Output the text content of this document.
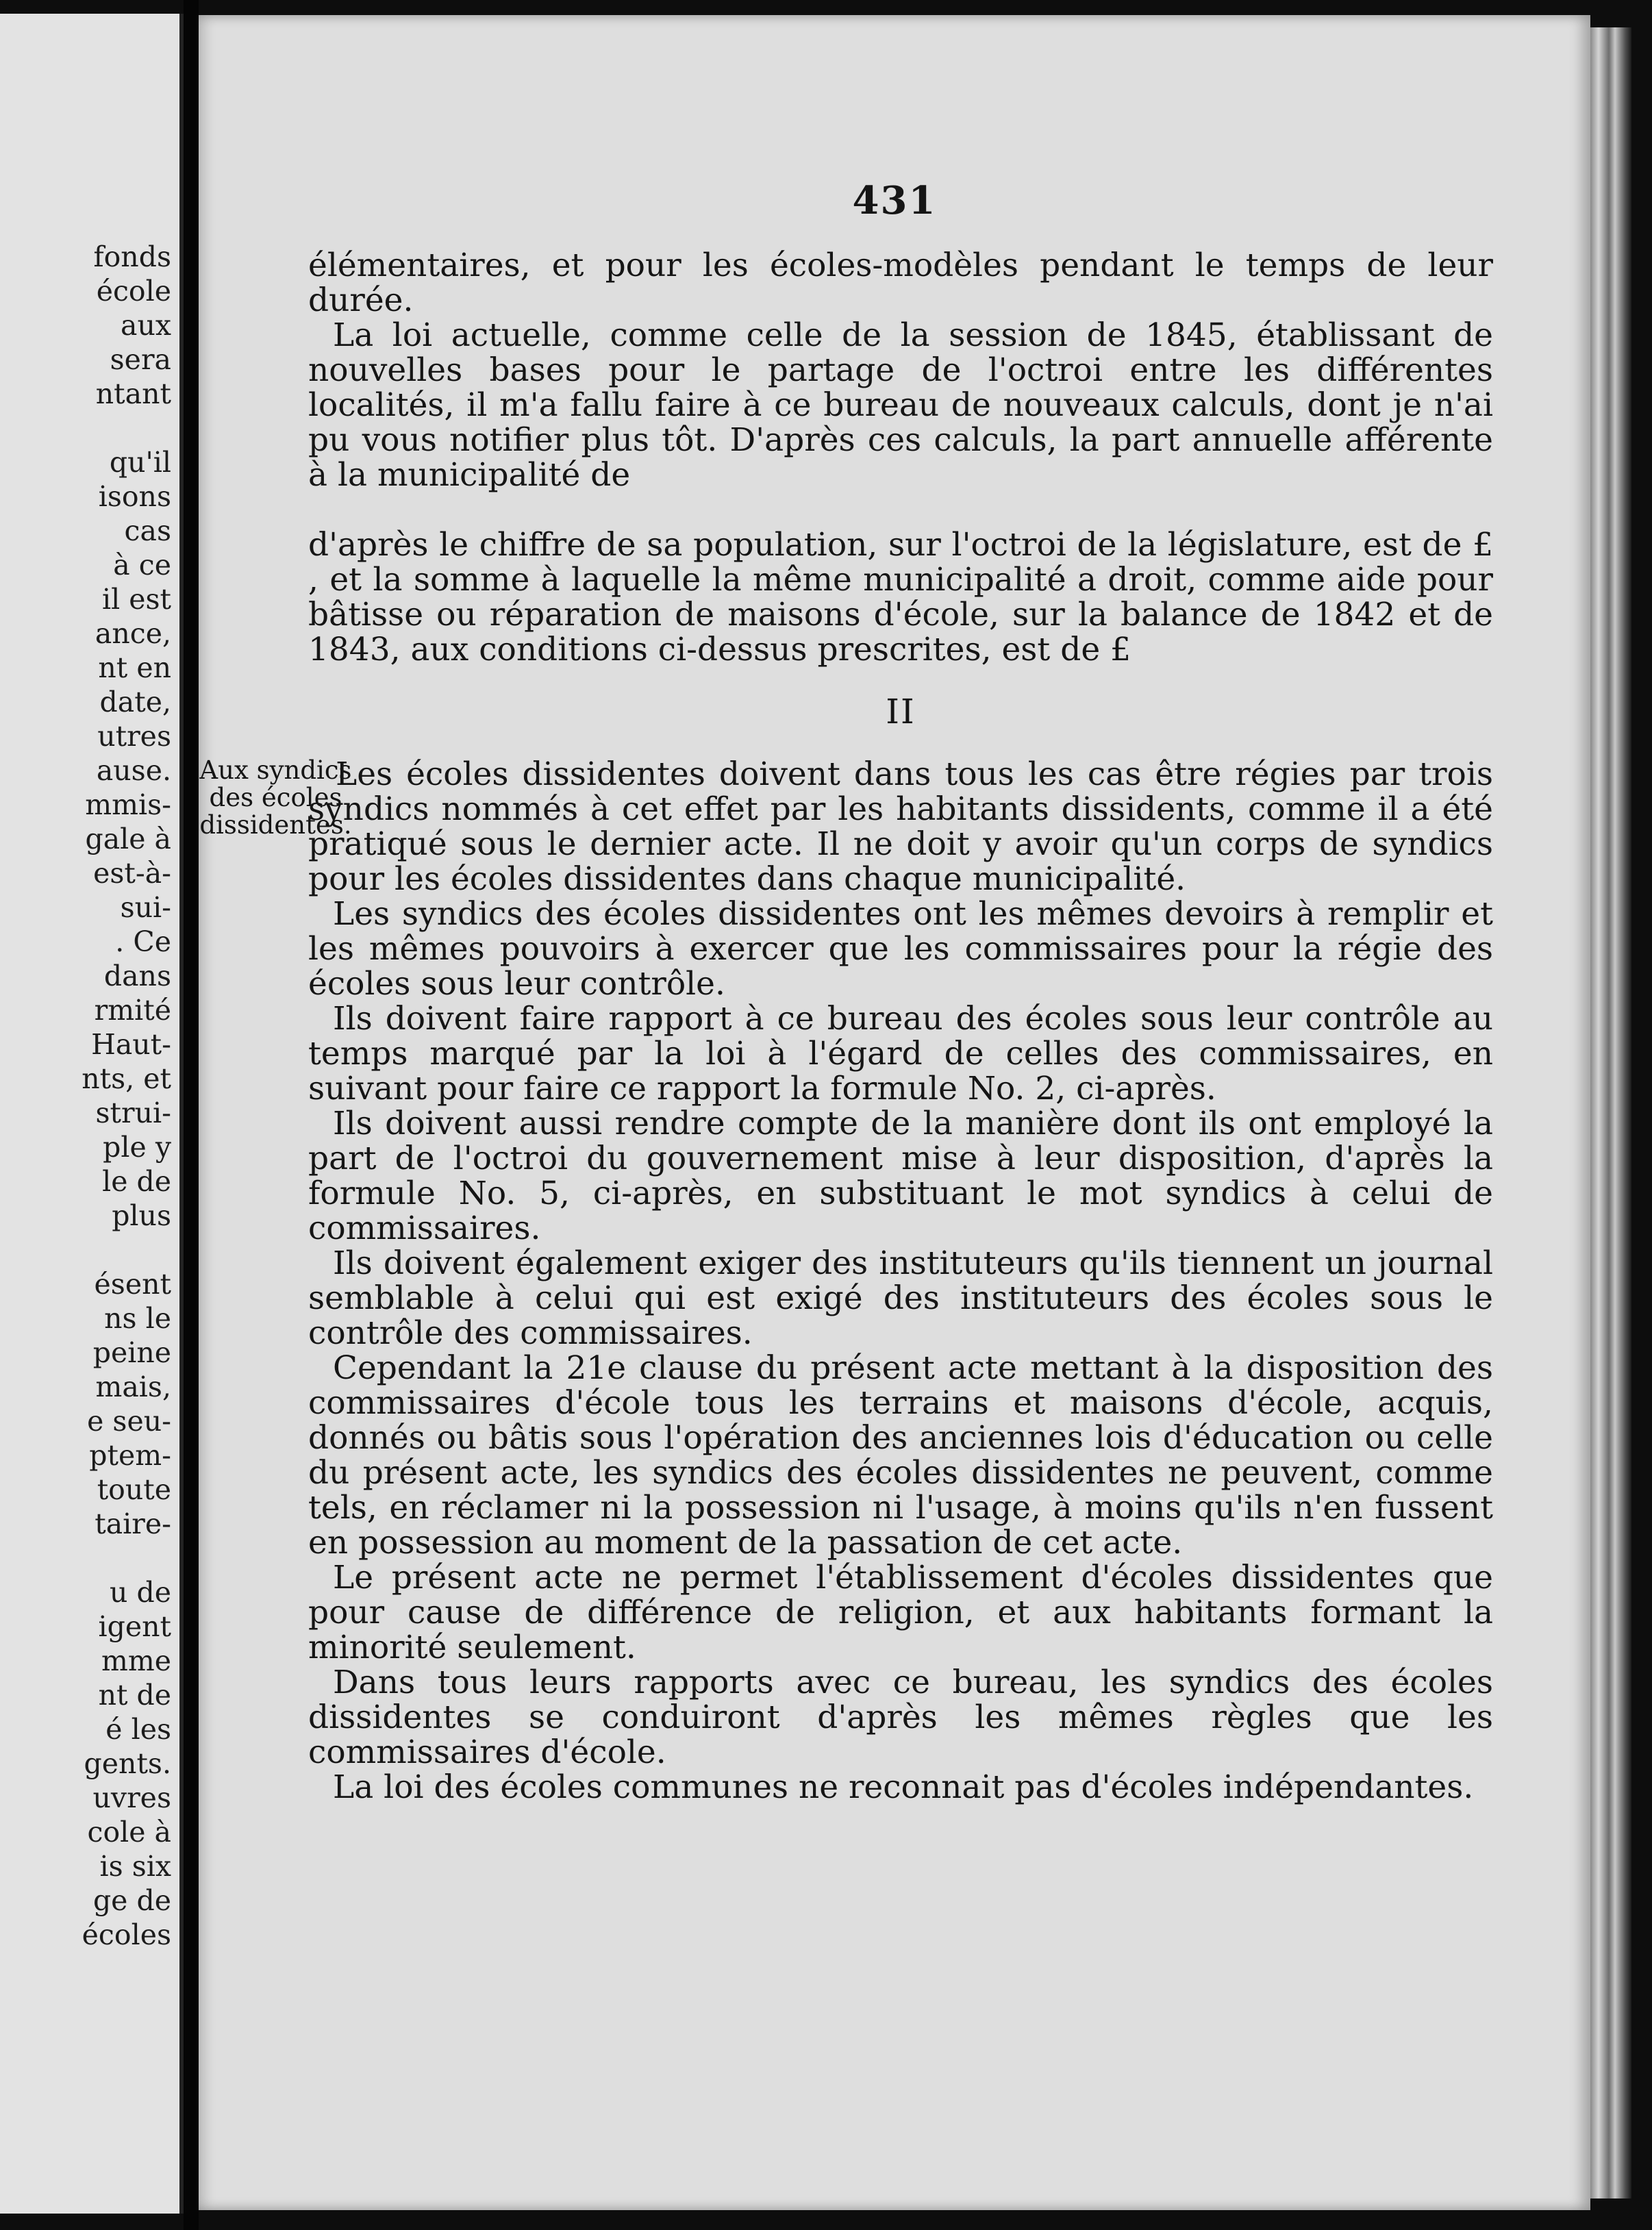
fonds
école
aux
sera
ntant
qu'il
isons
cas
à ce
il est
ance,
nt en
date,
utres
ause.
mmis-
gale à
est-à-
sui-
. Ce
dans
rmité
Haut-
nts, et
strui-
ple y
le de
plus
ésent
ns le
peine
mais,
e seu-
ptem-
toute
taire-
u de
igent
mme
nt de
é les
gents.
uvres
cole à
is six
ge de
écoles
431

élémentaires, et pour les écoles-modèles pendant le temps de leur durée.

La loi actuelle, comme celle de la session de 1845, établissant de nouvelles bases pour le partage de l'octroi entre les différentes localités, il m'a fallu faire à ce bureau de nouveaux calculs, dont je n'ai pu vous notifier plus tôt. D'après ces calculs, la part annuelle afférente à la municipalité de

d'après le chiffre de sa population, sur l'octroi de la législature, est de £ , et la somme à laquelle la même municipalité a droit, comme aide pour bâtisse ou réparation de maisons d'école, sur la balance de 1842 et de 1843, aux conditions ci-dessus prescrites, est de £

II
Aux syndics des écoles dissidentes.

Les écoles dissidentes doivent dans tous les cas être régies par trois syndics nommés à cet effet par les habitants dissidents, comme il a été pratiqué sous le dernier acte. Il ne doit y avoir qu'un corps de syndics pour les écoles dissidentes dans chaque municipalité.

Les syndics des écoles dissidentes ont les mêmes devoirs à remplir et les mêmes pouvoirs à exercer que les commissaires pour la régie des écoles sous leur contrôle.

Ils doivent faire rapport à ce bureau des écoles sous leur contrôle au temps marqué par la loi à l'égard de celles des commissaires, en suivant pour faire ce rapport la formule No. 2, ci-après.

Ils doivent aussi rendre compte de la manière dont ils ont employé la part de l'octroi du gouvernement mise à leur disposition, d'après la formule No. 5, ci-après, en substituant le mot syndics à celui de commissaires.

Ils doivent également exiger des instituteurs qu'ils tiennent un journal semblable à celui qui est exigé des instituteurs des écoles sous le contrôle des commissaires.

Cependant la 21e clause du présent acte mettant à la disposition des commissaires d'école tous les terrains et maisons d'école, acquis, donnés ou bâtis sous l'opération des anciennes lois d'éducation ou celle du présent acte, les syndics des écoles dissidentes ne peuvent, comme tels, en réclamer ni la possession ni l'usage, à moins qu'ils n'en fussent en possession au moment de la passation de cet acte.

Le présent acte ne permet l'établissement d'écoles dissidentes que pour cause de différence de religion, et aux habitants formant la minorité seulement.

Dans tous leurs rapports avec ce bureau, les syndics des écoles dissidentes se conduiront d'après les mêmes règles que les commissaires d'école.

La loi des écoles communes ne reconnait pas d'écoles indépendantes.
